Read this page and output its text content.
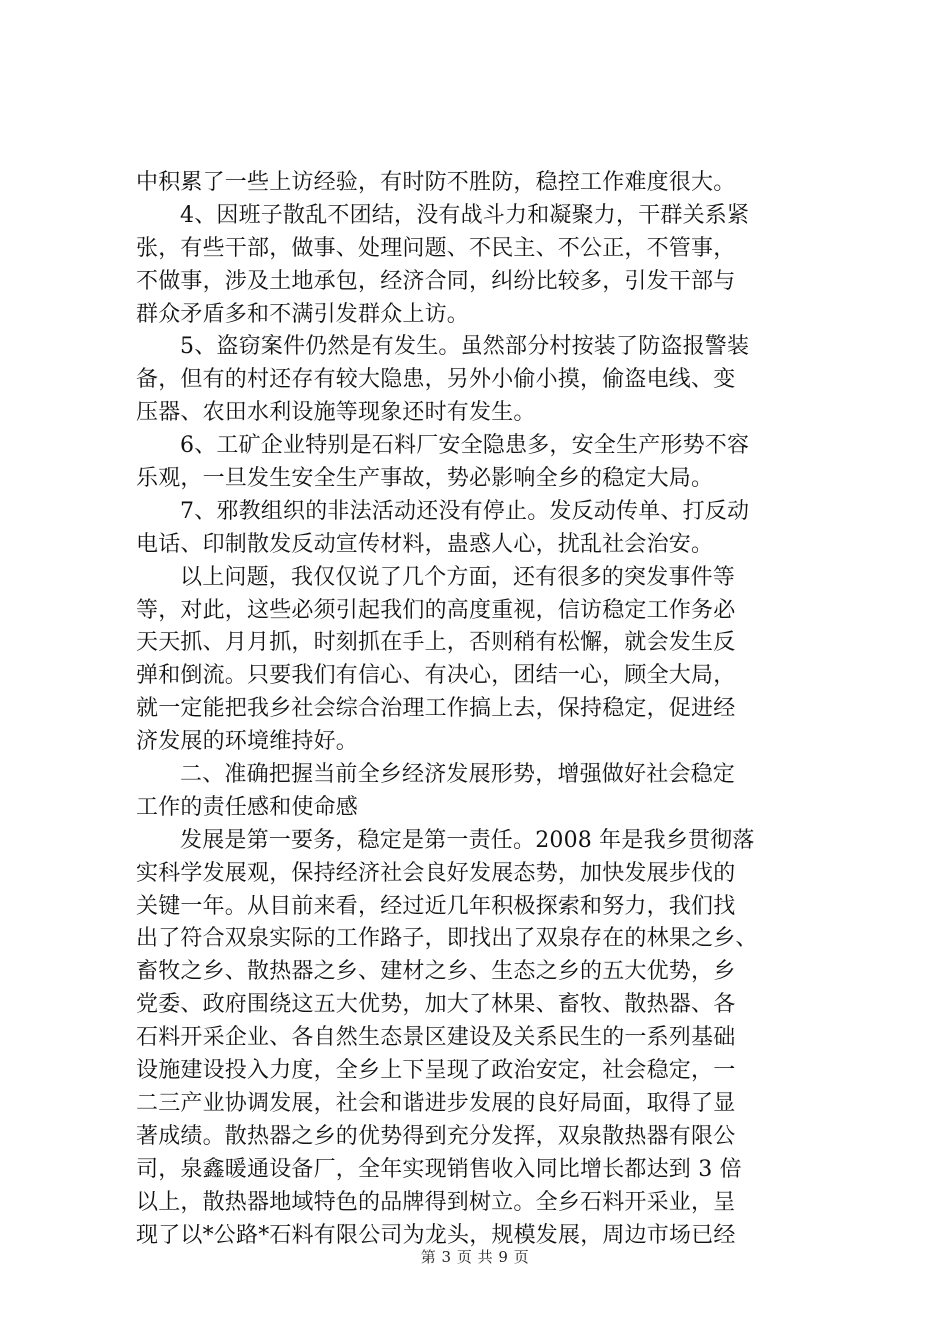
中积累了一些上访经验，有时防不胜防，稳控工作难度很大。
4、因班子散乱不团结，没有战斗力和凝聚力，干群关系紧
张，有些干部，做事、处理问题、不民主、不公正，不管事，
不做事，涉及土地承包，经济合同，纠纷比较多，引发干部与
群众矛盾多和不满引发群众上访。
5、盗窃案件仍然是有发生。虽然部分村按装了防盗报警装
备，但有的村还存有较大隐患，另外小偷小摸，偷盗电线、变
压器、农田水利设施等现象还时有发生。
6、工矿企业特别是石料厂安全隐患多，安全生产形势不容
乐观，一旦发生安全生产事故，势必影响全乡的稳定大局。
7、邪教组织的非法活动还没有停止。发反动传单、打反动
电话、印制散发反动宣传材料，蛊惑人心，扰乱社会治安。
以上问题，我仅仅说了几个方面，还有很多的突发事件等
等，对此，这些必须引起我们的高度重视，信访稳定工作务必
天天抓、月月抓，时刻抓在手上，否则稍有松懈，就会发生反
弹和倒流。只要我们有信心、有决心，团结一心，顾全大局，
就一定能把我乡社会综合治理工作搞上去，保持稳定，促进经
济发展的环境维持好。
二、准确把握当前全乡经济发展形势，增强做好社会稳定
工作的责任感和使命感
发展是第一要务，稳定是第一责任。2008 年是我乡贯彻落
实科学发展观，保持经济社会良好发展态势，加快发展步伐的
关键一年。从目前来看，经过近几年积极探索和努力，我们找
出了符合双泉实际的工作路子，即找出了双泉存在的林果之乡、
畜牧之乡、散热器之乡、建材之乡、生态之乡的五大优势，乡
党委、政府围绕这五大优势，加大了林果、畜牧、散热器、各
石料开采企业、各自然生态景区建设及关系民生的一系列基础
设施建设投入力度，全乡上下呈现了政治安定，社会稳定，一
二三产业协调发展，社会和谐进步发展的良好局面，取得了显
著成绩。散热器之乡的优势得到充分发挥，双泉散热器有限公
司，泉鑫暖通设备厂，全年实现销售收入同比增长都达到 3 倍
以上，散热器地域特色的品牌得到树立。全乡石料开采业，呈
现了以*公路*石料有限公司为龙头，规模发展，周边市场已经
第 3 页 共 9 页
